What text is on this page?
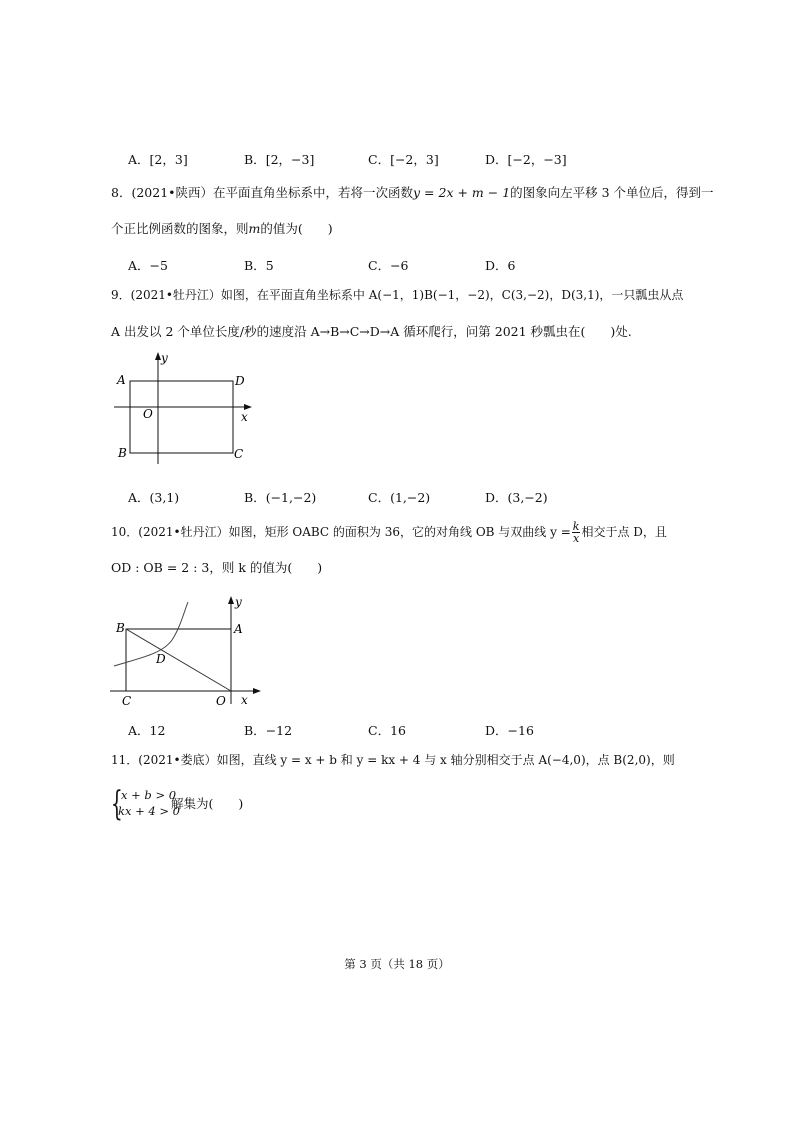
A．[2，3]	B．[2，−3]	C．[−2，3]	D．[−2，−3]
8．(2021•陕西）在平面直角坐标系中，若将一次函数y = 2x + m − 1的图象向左平移 3 个单位后，得到一
个正比例函数的图象，则m的值为(　　)
A．−5	B．5	C．−6	D．6
9．(2021•牡丹江）如图，在平面直角坐标系中 A(−1，1)B(−1，−2)，C(3,−2)，D(3,1)，一只瓢虫从点
A 出发以 2 个单位长度/秒的速度沿 A→B→C→D→A 循环爬行，问第 2021 秒瓢虫在(　　)处.
y
x
O
A
B	C
D
A．(3,1)	B．(−1,−2)	C．(1,−2)	D．(3,−2)
10．(2021•牡丹江）如图，矩形 OABC 的面积为 36，它的对角线 OB 与双曲线 $y = \frac{k}{x}$ 相交于点 D，且
OD : OB = 2 : 3，则 k 的值为(　　)
y
x
O
A
B
C
D
A．12	B．−12	C．16	D．−16
11．(2021•娄底）如图，直线 y = x + b 和 y = kx + 4 与 x 轴分别相交于点 A(−4,0)，点 B(2,0)，则
{
x + b > 0
kx + 4 > 0
解集为(　　)
第 3 页（共 18 页）
